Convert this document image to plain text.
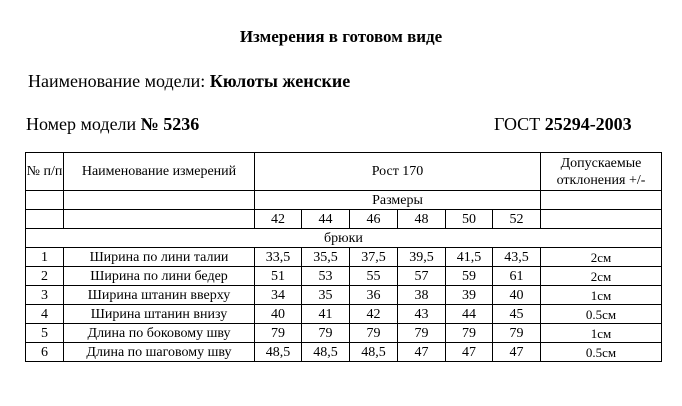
Измерения в готовом виде
Наименование модели: Кюлоты женские
Номер модели № 5236	ГОСТ 25294-2003
№ п/п	Наименование измерений	Рост 170						Допускаемые отклонения +/-
		Размеры						
		42	44	46	48	50	52	
брюки								
1	Ширина по лини талии	33,5	35,5	37,5	39,5	41,5	43,5	2см
2	Ширина по лини бедер	51	53	55	57	59	61	2см
3	Ширина штанин вверху	34	35	36	38	39	40	1см
4	Ширина штанин внизу	40	41	42	43	44	45	0.5см
5	Длина по боковому шву	79	79	79	79	79	79	1см
6	Длина по шаговому шву	48,5	48,5	48,5	47	47	47	0.5см
